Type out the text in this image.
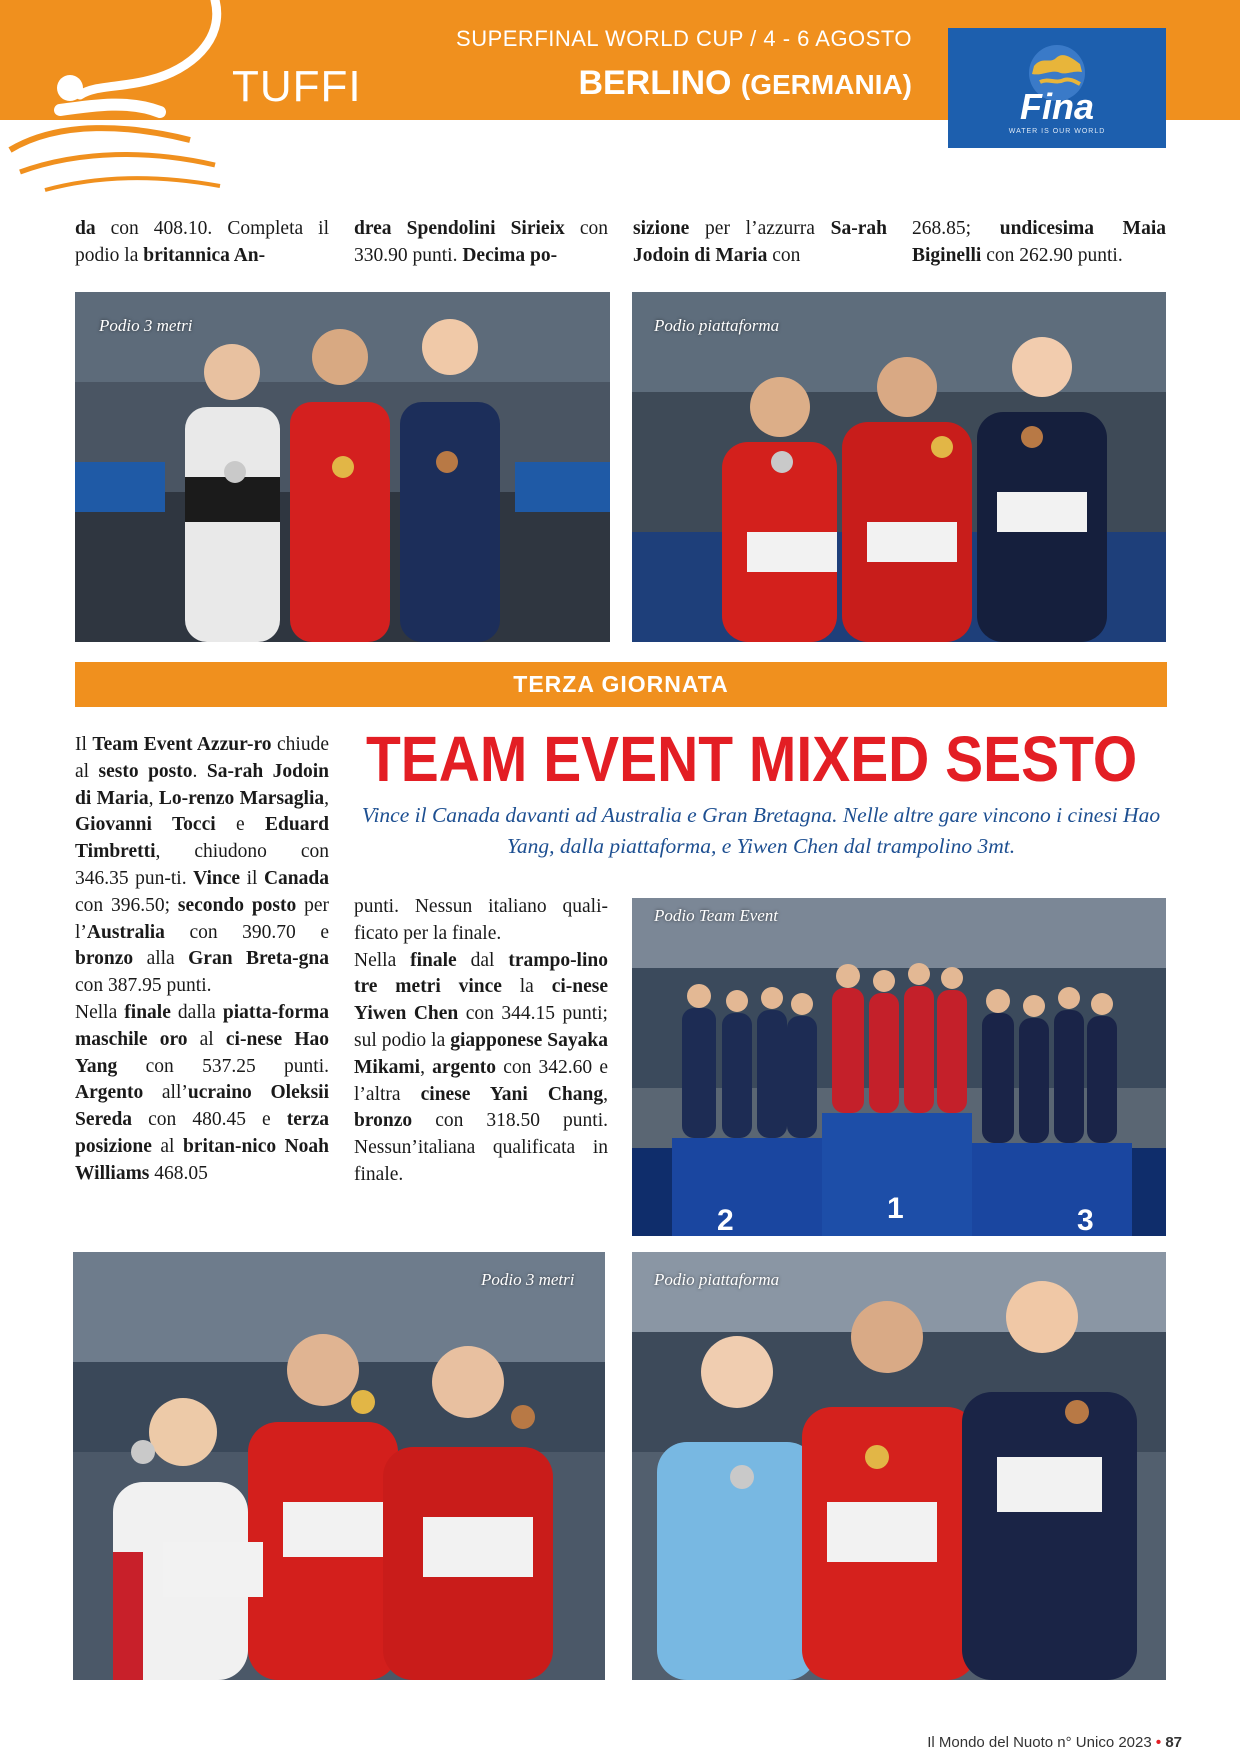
TUFFI
SUPERFINAL WORLD CUP / 4 - 6 AGOSTO
BERLINO (GERMANIA)
Fina
WATER IS OUR WORLD

da con 408.10. Completa il podio la britannica An-

drea Spendolini Sirieix con 330.90 punti. Decima po-

sizione per l’azzurra Sa-rah Jodoin di Maria con

268.85; undicesima Maia Biginelli con 262.90 punti.

Podio 3 metri	Podio piattaforma
TERZA GIORNATA
TEAM EVENT MIXED SESTO
Vince il Canada davanti ad Australia e Gran Bretagna. Nelle altre gare vincono i cinesi Hao Yang, dalla piattaforma, e Yiwen Chen dal trampolino 3mt.

Il Team Event Azzur-ro chiude al sesto posto. Sa-rah Jodoin di Maria, Lo-renzo Marsaglia, Giovanni Tocci e Eduard Timbretti, chiudono con 346.35 pun-ti. Vince il Canada con 396.50; secondo posto per l’Australia con 390.70 e bronzo alla Gran Breta-gna con 387.95 punti.

Nella finale dalla piatta-forma maschile oro al ci-nese Hao Yang con 537.25 punti. Argento all’ucraino Oleksii Sereda con 480.45 e terza posizione al britan-nico Noah Williams 468.05

punti. Nessun italiano quali-ficato per la finale.

Nella finale dal trampo-lino tre metri vince la ci-nese Yiwen Chen con 344.15 punti; sul podio la giapponese Sayaka Mikami, argento con 342.60 e l’altra cinese Yani Chang, bronzo con 318.50 punti. Nessun’italiana qualificata in finale.

2	1	3
Podio Team Event
Podio 3 metri	Podio piattaforma
Il Mondo del Nuoto n° Unico 2023 • 87
